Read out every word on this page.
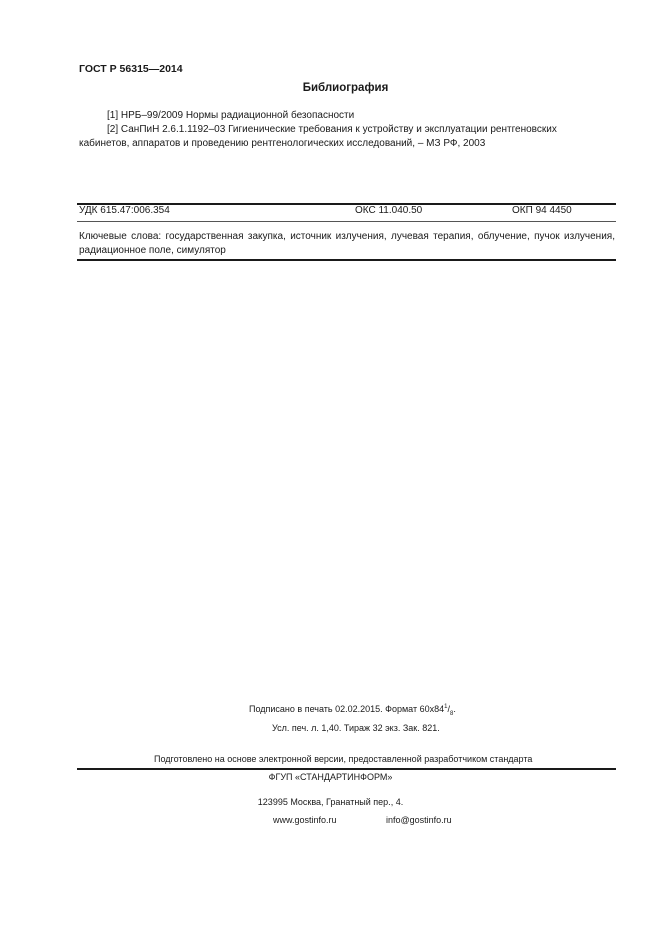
ГОСТ Р 56315—2014
Библиография
[1] НРБ–99/2009 Нормы радиационной безопасности
[2] СанПиН 2.6.1.1192–03 Гигиенические требования к устройству и эксплуатации рентгеновских
кабинетов, аппаратов и проведению рентгенологических исследований, – МЗ РФ, 2003
УДК 615.47:006.354	ОКС 11.040.50	ОКП 94 4450
Ключевые слова: государственная закупка, источник излучения, лучевая терапия, облучение, пучок излучения, радиационное поле, симулятор
Подписано в печать 02.02.2015. Формат $60x84^1/_8$.
Усл. печ. л. 1,40. Тираж 32 экз. Зак. 821.
Подготовлено на основе электронной версии, предоставленной разработчиком стандарта
ФГУП «СТАНДАРТИНФОРМ»
123995 Москва, Гранатный пер., 4.
www.gostinfo.ru	info@gostinfo.ru
